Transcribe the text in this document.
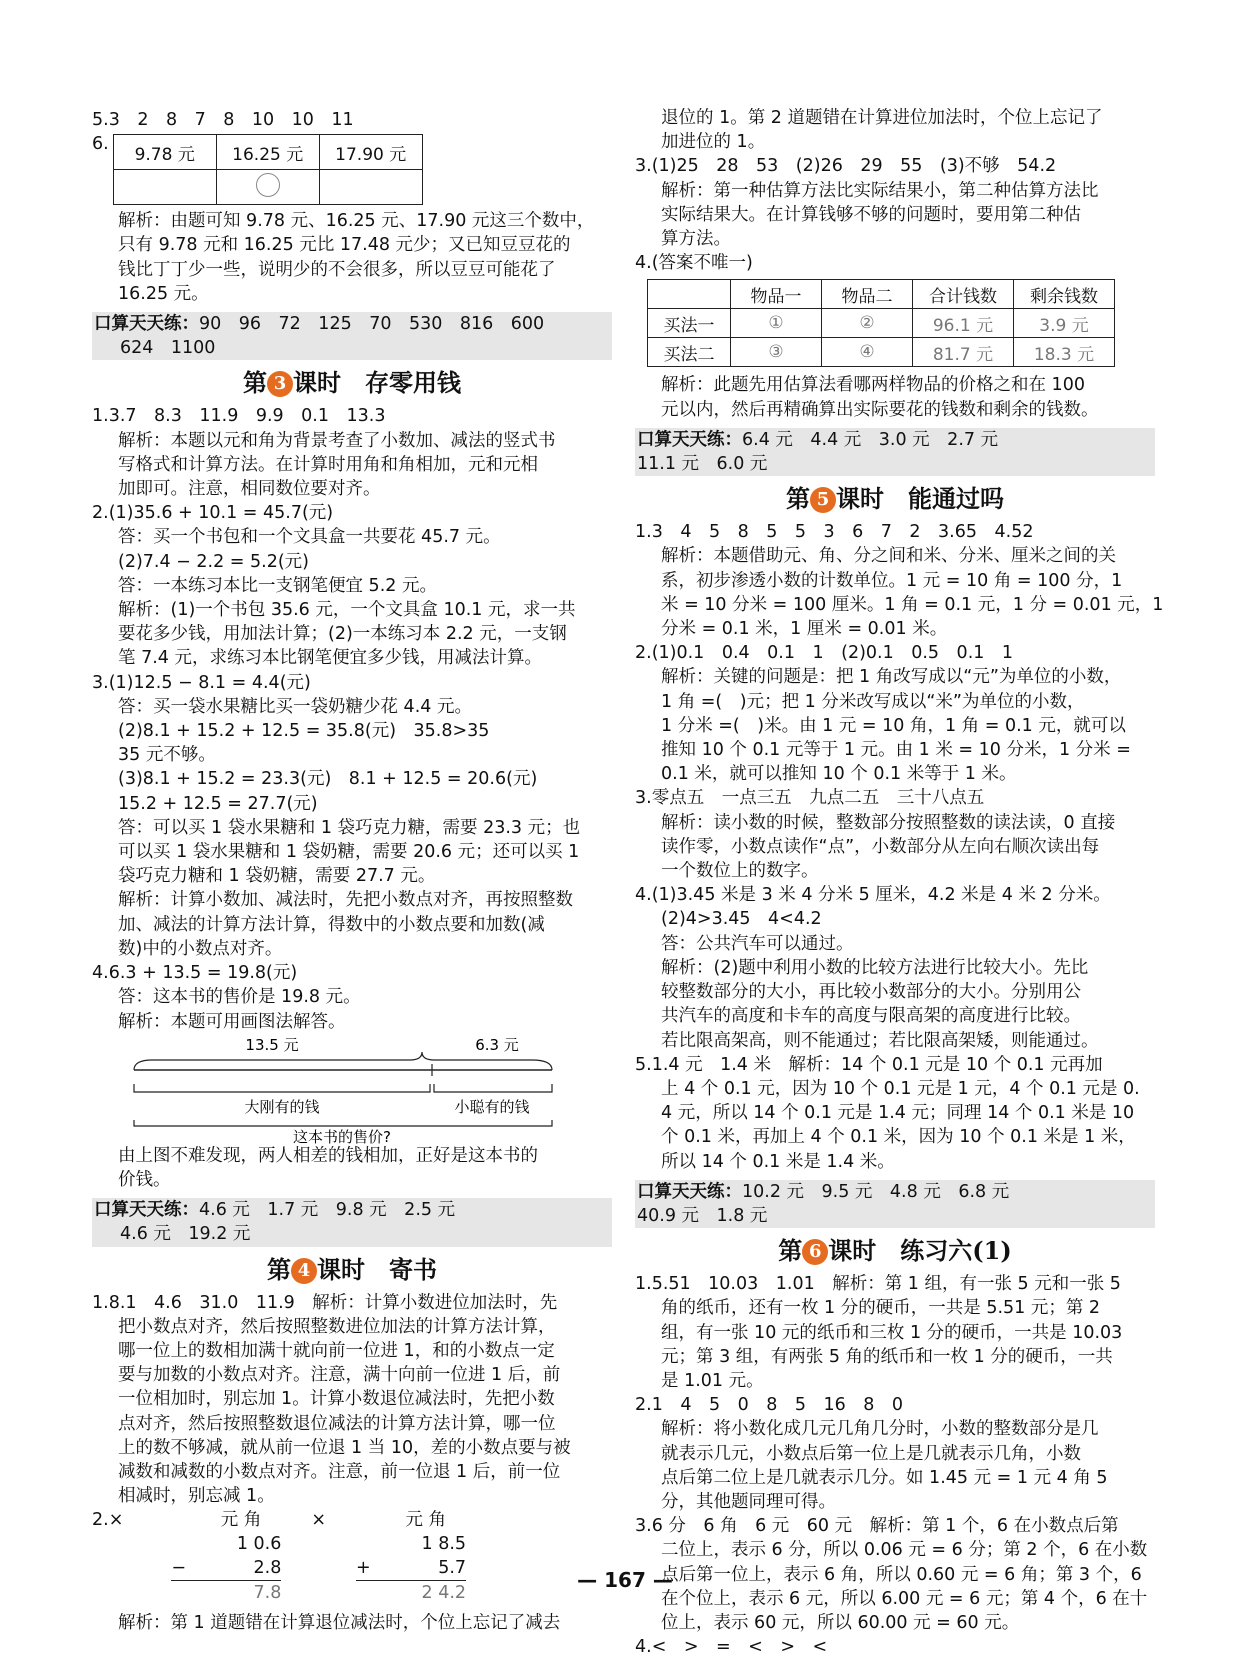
5.3　2　8　7　8　10　10　11
6.
9.78 元	16.25 元	17.90 元

解析：由题可知 9.78 元、16.25 元、17.90 元这三个数中，
只有 9.78 元和 16.25 元比 17.48 元少；又已知豆豆花的
钱比丁丁少一些，说明少的不会很多，所以豆豆可能花了
16.25 元。
口算天天练：90　96　72　125　70　530　816　600
624　1100
第 3 课时　存零用钱
1.3.7　8.3　11.9　9.9　0.1　13.3
解析：本题以元和角为背景考查了小数加、减法的竖式书
写格式和计算方法。在计算时用角和角相加，元和元相
加即可。注意，相同数位要对齐。
2.(1)35.6 + 10.1 = 45.7(元)
答：买一个书包和一个文具盒一共要花 45.7 元。
(2)7.4 − 2.2 = 5.2(元)
答：一本练习本比一支钢笔便宜 5.2 元。
解析：(1)一个书包 35.6 元，一个文具盒 10.1 元，求一共
要花多少钱，用加法计算；(2)一本练习本 2.2 元，一支钢
笔 7.4 元，求练习本比钢笔便宜多少钱，用减法计算。
3.(1)12.5 − 8.1 = 4.4(元)
答：买一袋水果糖比买一袋奶糖少花 4.4 元。
(2)8.1 + 15.2 + 12.5 = 35.8(元)　35.8>35
35 元不够。
(3)8.1 + 15.2 = 23.3(元)　8.1 + 12.5 = 20.6(元)
15.2 + 12.5 = 27.7(元)
答：可以买 1 袋水果糖和 1 袋巧克力糖，需要 23.3 元；也
可以买 1 袋水果糖和 1 袋奶糖，需要 20.6 元；还可以买 1
袋巧克力糖和 1 袋奶糖，需要 27.7 元。
解析：计算小数加、减法时，先把小数点对齐，再按照整数
加、减法的计算方法计算，得数中的小数点要和加数(减
数)中的小数点对齐。
4.6.3 + 13.5 = 19.8(元)
答：这本书的售价是 19.8 元。
解析：本题可用画图法解答。
13.5 元	6.3 元
大刚有的钱	小聪有的钱
这本书的售价?
由上图不难发现，两人相差的钱相加，正好是这本书的
价钱。
口算天天练：4.6 元　1.7 元　9.8 元　2.5 元
4.6 元　19.2 元
第 4 课时　寄书
1.8.1　4.6　31.0　11.9　解析：计算小数进位加法时，先
把小数点对齐，然后按照整数进位加法的计算方法计算，
哪一位上的数相加满十就向前一位进 1，和的小数点一定
要与加数的小数点对齐。注意，满十向前一位进 1 后，前
一位相加时，别忘加 1。计算小数退位减法时，先把小数
点对齐，然后按照整数退位减法的计算方法计算，哪一位
上的数不够减，就从前一位退 1 当 10，差的小数点要与被
减数和减数的小数点对齐。注意，前一位退 1 后，前一位
相减时，别忘减 1。
2.×	元 角
1 0.6
−	2.8
7.8
×	元 角
1 8.5
+	5.7
2 4.2
解析：第 1 道题错在计算退位减法时，个位上忘记了减去
退位的 1。第 2 道题错在计算进位加法时，个位上忘记了
加进位的 1。
3.(1)25　28　53　(2)26　29　55　(3)不够　54.2
解析：第一种估算方法比实际结果小，第二种估算方法比
实际结果大。在计算钱够不够的问题时，要用第二种估
算方法。
4.(答案不唯一)
	物品一	物品二	合计钱数	剩余钱数
买法一	①	②	96.1 元	3.9 元
买法二	③	④	81.7 元	18.3 元
解析：此题先用估算法看哪两样物品的价格之和在 100
元以内，然后再精确算出实际要花的钱数和剩余的钱数。
口算天天练：6.4 元　4.4 元　3.0 元　2.7 元
11.1 元　6.0 元
第 5 课时　能通过吗
1.3　4　5　8　5　5　3　6　7　2　3.65　4.52
解析：本题借助元、角、分之间和米、分米、厘米之间的关
系，初步渗透小数的计数单位。1 元 = 10 角 = 100 分，1
米 = 10 分米 = 100 厘米。1 角 = 0.1 元，1 分 = 0.01 元，1
分米 = 0.1 米，1 厘米 = 0.01 米。
2.(1)0.1　0.4　0.1　1　(2)0.1　0.5　0.1　1
解析：关键的问题是：把 1 角改写成以“元”为单位的小数，
1 角 =(　)元；把 1 分米改写成以“米”为单位的小数，
1 分米 =(　)米。由 1 元 = 10 角，1 角 = 0.1 元，就可以
推知 10 个 0.1 元等于 1 元。由 1 米 = 10 分米，1 分米 =
0.1 米，就可以推知 10 个 0.1 米等于 1 米。
3.零点五　一点三五　九点二五　三十八点五
解析：读小数的时候，整数部分按照整数的读法读，0 直接
读作零，小数点读作“点”，小数部分从左向右顺次读出每
一个数位上的数字。
4.(1)3.45 米是 3 米 4 分米 5 厘米，4.2 米是 4 米 2 分米。
(2)4>3.45　4<4.2
答：公共汽车可以通过。
解析：(2)题中利用小数的比较方法进行比较大小。先比
较整数部分的大小，再比较小数部分的大小。分别用公
共汽车的高度和卡车的高度与限高架的高度进行比较。
若比限高架高，则不能通过；若比限高架矮，则能通过。
5.1.4 元　1.4 米　解析：14 个 0.1 元是 10 个 0.1 元再加
上 4 个 0.1 元，因为 10 个 0.1 元是 1 元，4 个 0.1 元是 0.
4 元，所以 14 个 0.1 元是 1.4 元；同理 14 个 0.1 米是 10
个 0.1 米，再加上 4 个 0.1 米，因为 10 个 0.1 米是 1 米，
所以 14 个 0.1 米是 1.4 米。
口算天天练：10.2 元　9.5 元　4.8 元　6.8 元
40.9 元　1.8 元
第 6 课时　练习六(1)
1.5.51　10.03　1.01　解析：第 1 组，有一张 5 元和一张 5
角的纸币，还有一枚 1 分的硬币，一共是 5.51 元；第 2
组，有一张 10 元的纸币和三枚 1 分的硬币，一共是 10.03
元；第 3 组，有两张 5 角的纸币和一枚 1 分的硬币，一共
是 1.01 元。
2.1　4　5　0　8　5　16　8　0
解析：将小数化成几元几角几分时，小数的整数部分是几
就表示几元，小数点后第一位上是几就表示几角，小数
点后第二位上是几就表示几分。如 1.45 元 = 1 元 4 角 5
分，其他题同理可得。
3.6 分　6 角　6 元　60 元　解析：第 1 个，6 在小数点后第
二位上，表示 6 分，所以 0.06 元 = 6 分；第 2 个，6 在小数
点后第一位上，表示 6 角，所以 0.60 元 = 6 角；第 3 个，6
在个位上，表示 6 元，所以 6.00 元 = 6 元；第 4 个，6 在十
位上，表示 60 元，所以 60.00 元 = 60 元。
4.<　>　=　<　>　<
— 167 —
